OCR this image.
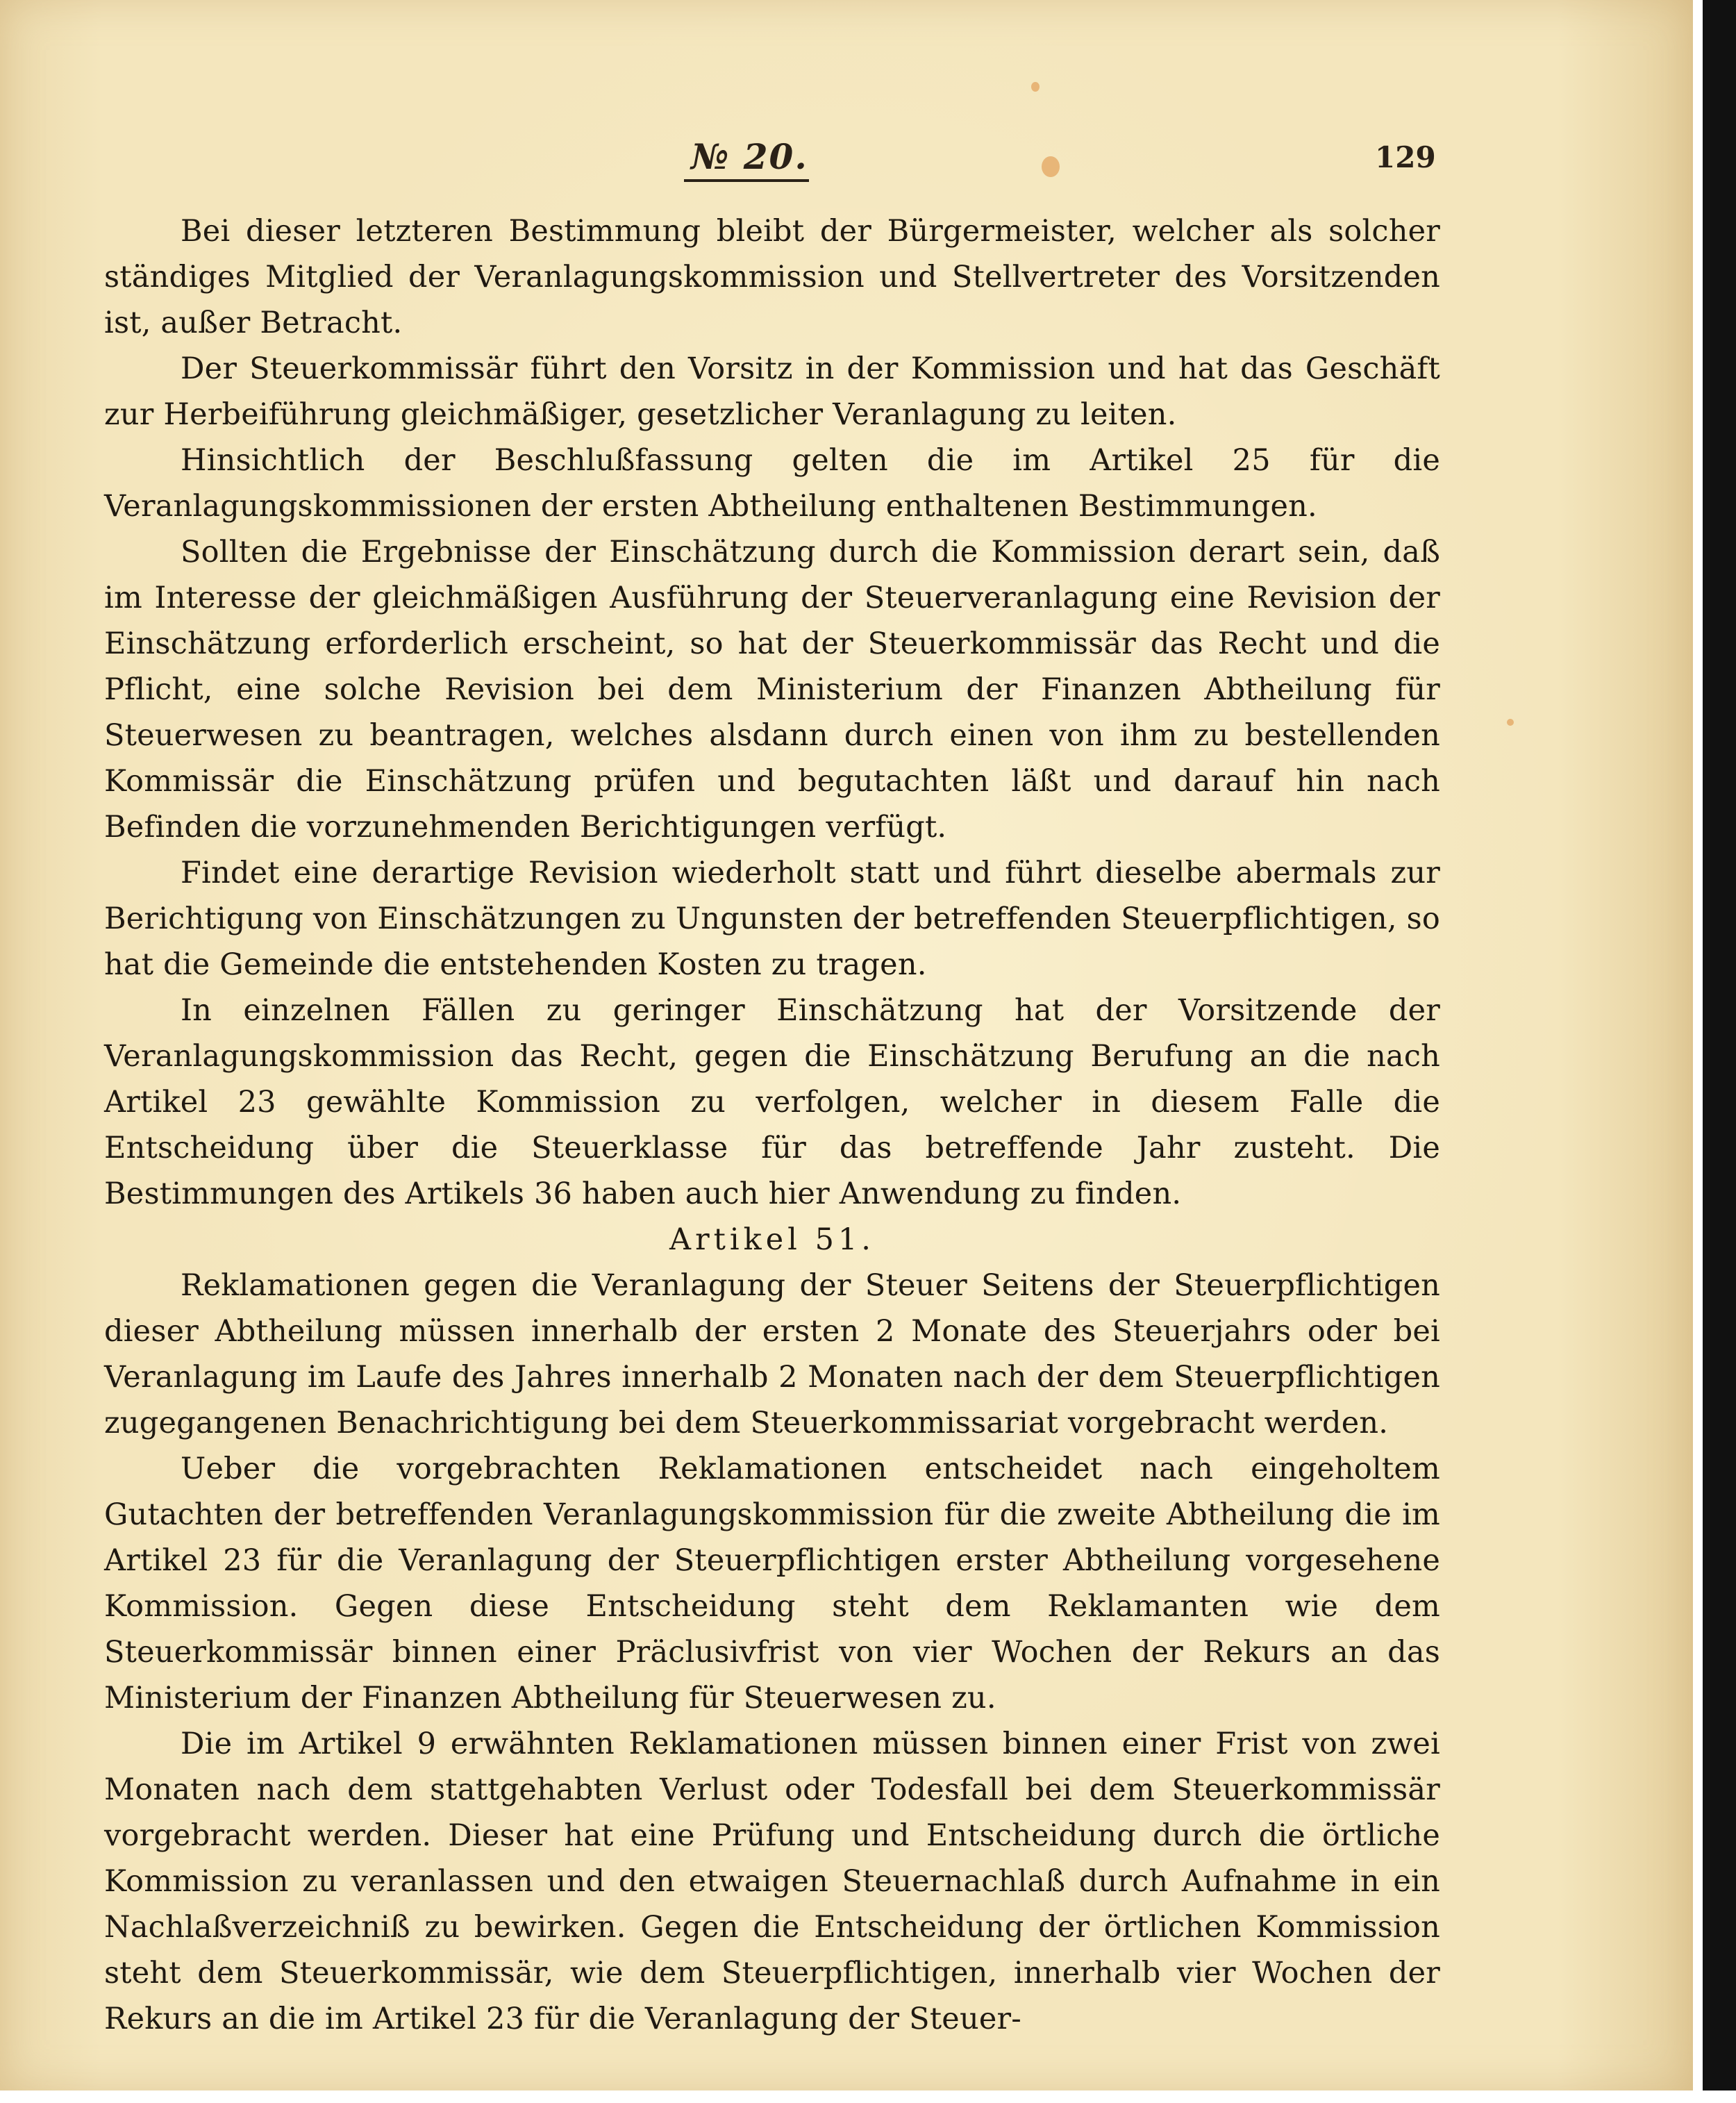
№ 20.	129

Bei dieser letzteren Bestimmung bleibt der Bürgermeister, welcher als solcher ständiges Mitglied der Veranlagungskommission und Stellvertreter des Vorsitzenden ist, außer Betracht.

Der Steuerkommissär führt den Vorsitz in der Kommission und hat das Geschäft zur Herbeiführung gleichmäßiger, gesetzlicher Veranlagung zu leiten.

Hinsichtlich der Beschlußfassung gelten die im Artikel 25 für die Veranlagungskommissionen der ersten Abtheilung enthaltenen Bestimmungen.

Sollten die Ergebnisse der Einschätzung durch die Kommission derart sein, daß im Interesse der gleichmäßigen Ausführung der Steuerveranlagung eine Revision der Einschätzung erforderlich erscheint, so hat der Steuerkommissär das Recht und die Pflicht, eine solche Revision bei dem Ministerium der Finanzen Abtheilung für Steuerwesen zu beantragen, welches alsdann durch einen von ihm zu bestellenden Kommissär die Einschätzung prüfen und begutachten läßt und darauf hin nach Befinden die vorzunehmenden Berichtigungen verfügt.

Findet eine derartige Revision wiederholt statt und führt dieselbe abermals zur Berichtigung von Einschätzungen zu Ungunsten der betreffenden Steuerpflichtigen, so hat die Gemeinde die entstehenden Kosten zu tragen.

In einzelnen Fällen zu geringer Einschätzung hat der Vorsitzende der Veranlagungskommission das Recht, gegen die Einschätzung Berufung an die nach Artikel 23 gewählte Kommission zu verfolgen, welcher in diesem Falle die Entscheidung über die Steuerklasse für das betreffende Jahr zusteht. Die Bestimmungen des Artikels 36 haben auch hier Anwendung zu finden.

Artikel 51.

Reklamationen gegen die Veranlagung der Steuer Seitens der Steuerpflichtigen dieser Abtheilung müssen innerhalb der ersten 2 Monate des Steuerjahrs oder bei Veranlagung im Laufe des Jahres innerhalb 2 Monaten nach der dem Steuerpflichtigen zugegangenen Benachrichtigung bei dem Steuerkommissariat vorgebracht werden.

Ueber die vorgebrachten Reklamationen entscheidet nach eingeholtem Gutachten der betreffenden Veranlagungskommission für die zweite Abtheilung die im Artikel 23 für die Veranlagung der Steuerpflichtigen erster Abtheilung vorgesehene Kommission. Gegen diese Entscheidung steht dem Reklamanten wie dem Steuerkommissär binnen einer Präclusivfrist von vier Wochen der Rekurs an das Ministerium der Finanzen Abtheilung für Steuerwesen zu.

Die im Artikel 9 erwähnten Reklamationen müssen binnen einer Frist von zwei Monaten nach dem stattgehabten Verlust oder Todesfall bei dem Steuerkommissär vorgebracht werden. Dieser hat eine Prüfung und Entscheidung durch die örtliche Kommission zu veranlassen und den etwaigen Steuernachlaß durch Aufnahme in ein Nachlaßverzeichniß zu bewirken. Gegen die Entscheidung der örtlichen Kommission steht dem Steuerkommissär, wie dem Steuerpflichtigen, innerhalb vier Wochen der Rekurs an die im Artikel 23 für die Veranlagung der Steuer-
